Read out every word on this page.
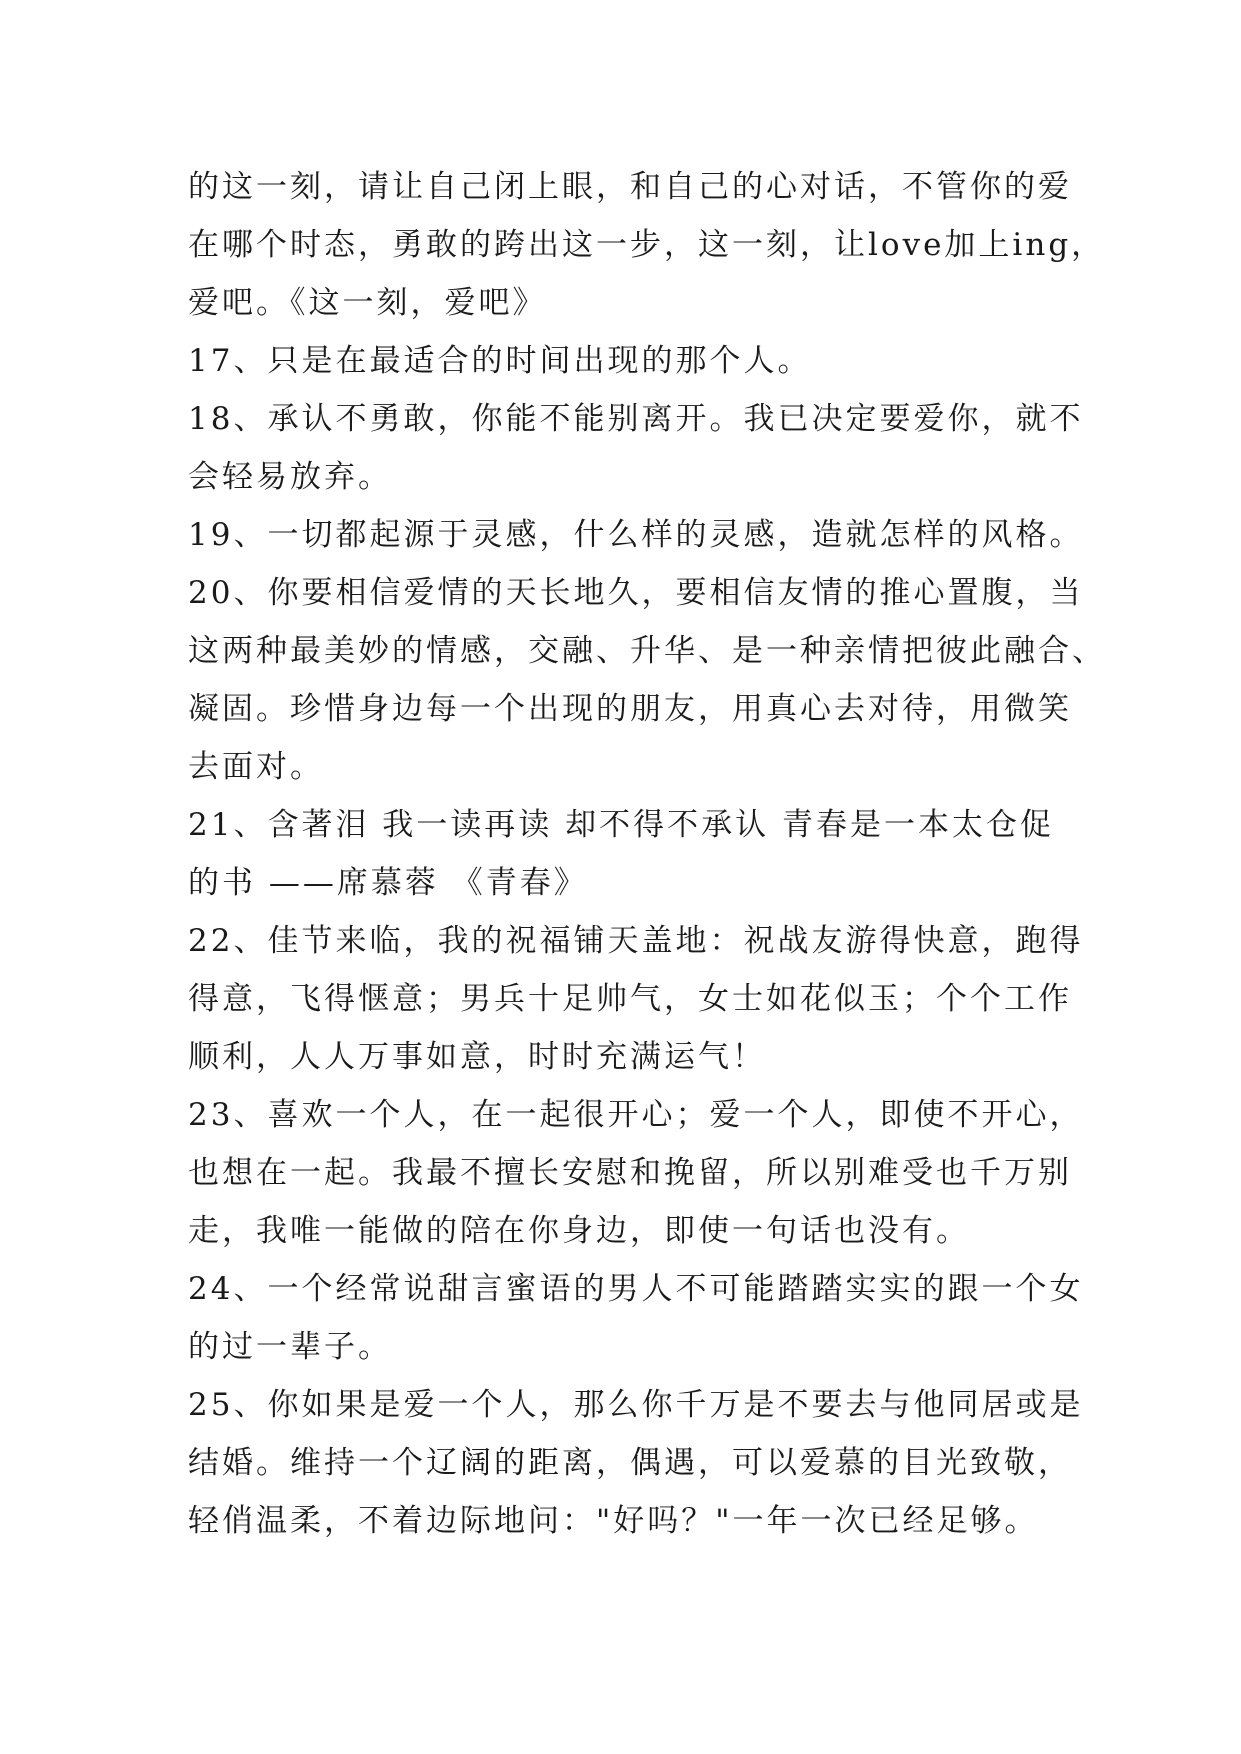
的这一刻，请让自己闭上眼，和自己的心对话，不管你的爱
在哪个时态，勇敢的跨出这一步，这一刻，让love加上ing，
爱吧。《这一刻，爱吧》
17、只是在最适合的时间出现的那个人。
18、承认不勇敢，你能不能别离开。我已决定要爱你，就不
会轻易放弃。
19、一切都起源于灵感，什么样的灵感，造就怎样的风格。
20、你要相信爱情的天长地久，要相信友情的推心置腹，当
这两种最美妙的情感，交融、升华、是一种亲情把彼此融合、
凝固。珍惜身边每一个出现的朋友，用真心去对待，用微笑
去面对。
21、含著泪 我一读再读 却不得不承认 青春是一本太仓促
的书 ——席慕蓉 《青春》
22、佳节来临，我的祝福铺天盖地：祝战友游得快意，跑得
得意，飞得惬意；男兵十足帅气，女士如花似玉；个个工作
顺利，人人万事如意，时时充满运气！
23、喜欢一个人，在一起很开心；爱一个人，即使不开心，
也想在一起。我最不擅长安慰和挽留，所以别难受也千万别
走，我唯一能做的陪在你身边，即使一句话也没有。
24、一个经常说甜言蜜语的男人不可能踏踏实实的跟一个女
的过一辈子。
25、你如果是爱一个人，那么你千万是不要去与他同居或是
结婚。维持一个辽阔的距离，偶遇，可以爱慕的目光致敬，
轻俏温柔，不着边际地问："好吗？"一年一次已经足够。
